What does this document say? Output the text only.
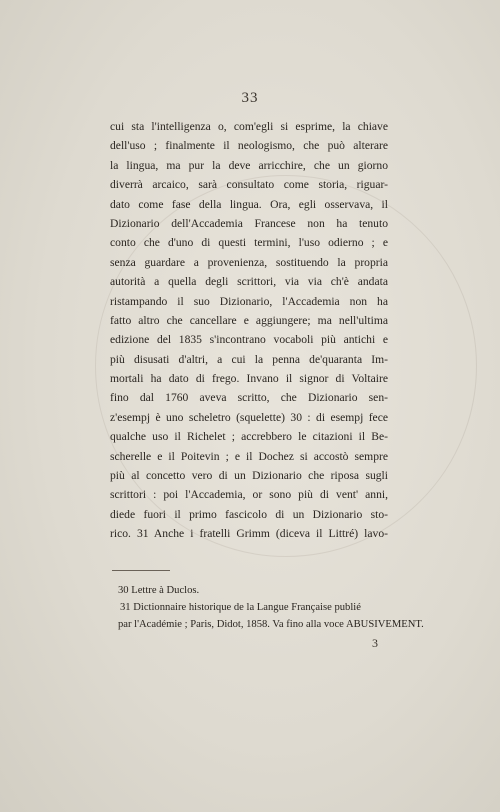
33
cui sta l'intelligenza o, com'egli si esprime, la chiave
dell'uso ; finalmente il neologismo, che può alterare
la lingua, ma pur la deve arricchire, che un giorno
diverrà arcaico, sarà consultato come storia, riguar-
dato come fase della lingua. Ora, egli osservava, il
Dizionario dell'Accademia Francese non ha tenuto
conto che d'uno di questi termini, l'uso odierno ; e
senza guardare a provenienza, sostituendo la propria
autorità a quella degli scrittori, via via ch'è andata
ristampando il suo Dizionario, l'Accademia non ha
fatto altro che cancellare e aggiungere; ma nell'ultima
edizione del 1835 s'incontrano vocaboli più antichi e
più disusati d'altri, a cui la penna de'quaranta Im-
mortali ha dato di frego. Invano il signor di Voltaire
fino dal 1760 aveva scritto, che Dizionario sen-
z'esempj è uno scheletro (squelette) 30 : di esempj fece
qualche uso il Richelet ; accrebbero le citazioni il Be-
scherelle e il Poitevin ; e il Dochez si accostò sempre
più al concetto vero di un Dizionario che riposa sugli
scrittori : poi l'Accademia, or sono più di vent' anni,
diede fuori il primo fascicolo di un Dizionario sto-
rico. 31 Anche i fratelli Grimm (diceva il Littré) lavo-
30 Lettre à Duclos.
31 Dictionnaire historique de la Langue Française publié
par l'Académie ; Paris, Didot, 1858. Va fino alla voce ABUSIVEMENT.
3
